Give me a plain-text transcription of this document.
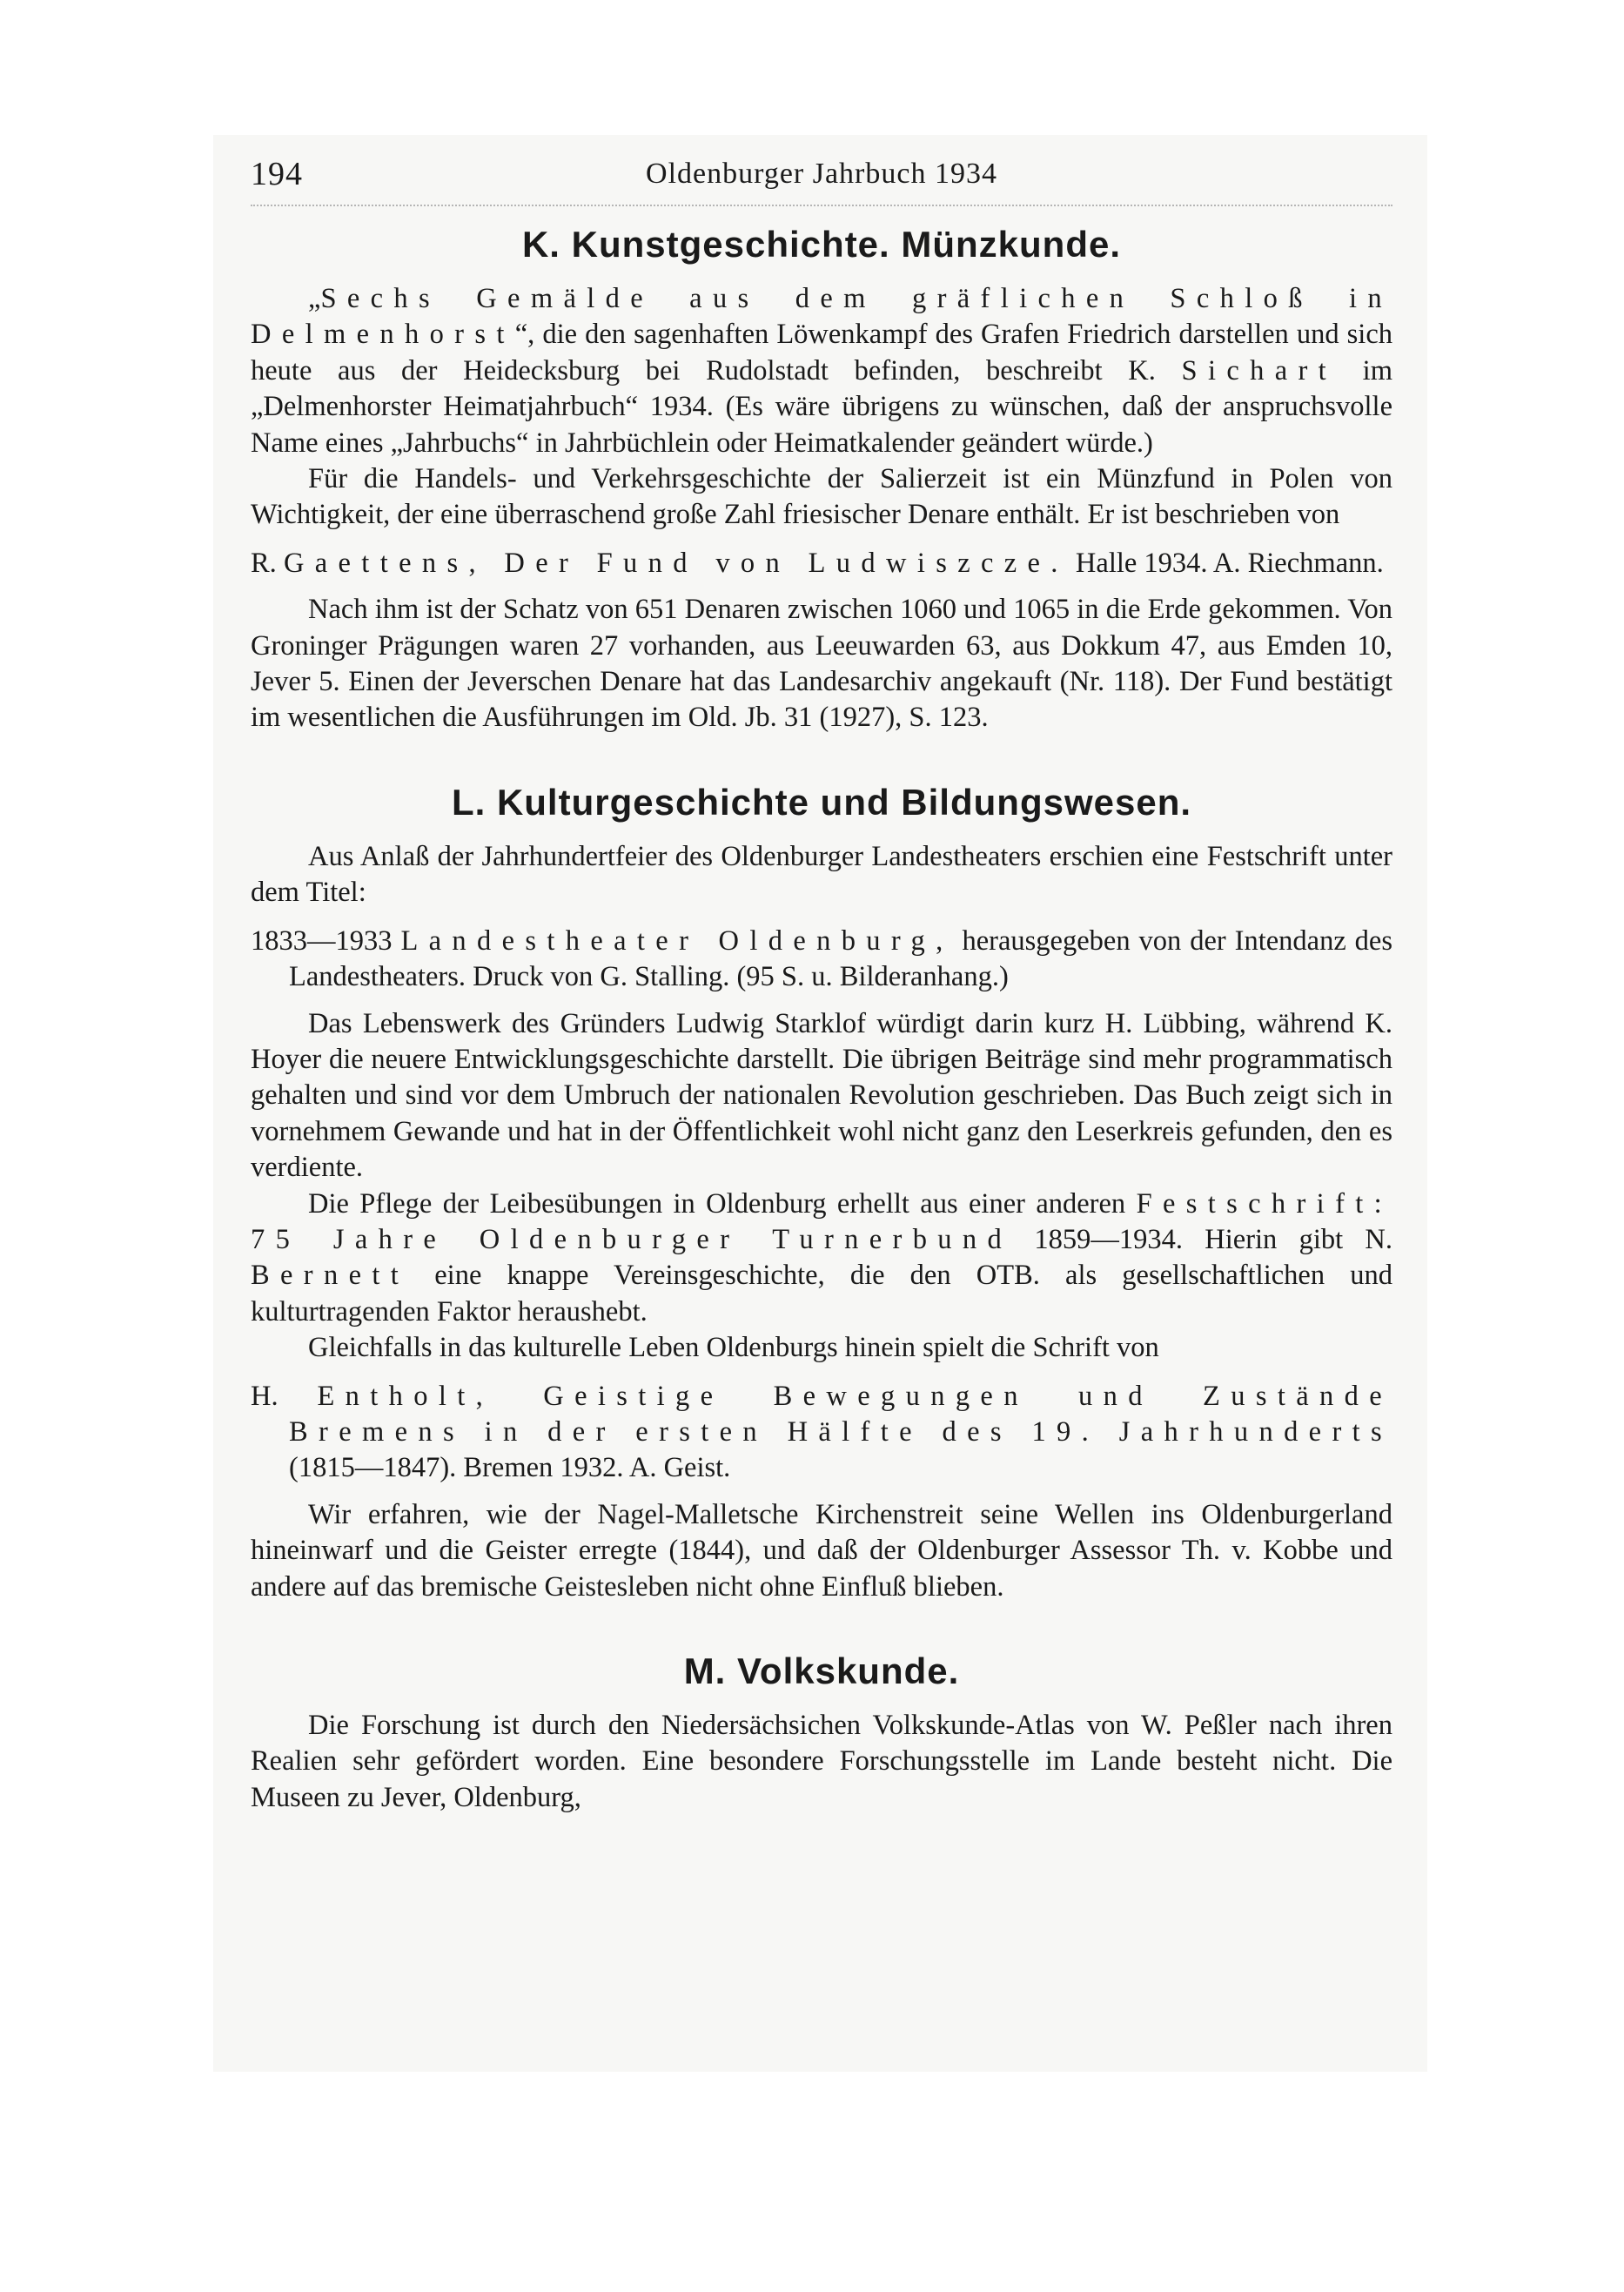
194	Oldenburger Jahrbuch 1934
K. Kunstgeschichte. Münzkunde.

„Sechs Gemälde aus dem gräflichen Schloß in Delmenhorst“, die den sagenhaften Löwenkampf des Grafen Friedrich darstellen und sich heute aus der Heidecksburg bei Rudolstadt befinden, beschreibt K. Sichart im „Delmenhorster Heimatjahrbuch“ 1934. (Es wäre übrigens zu wünschen, daß der anspruchsvolle Name eines „Jahrbuchs“ in Jahrbüchlein oder Heimatkalender geändert würde.)

Für die Handels- und Verkehrsgeschichte der Salierzeit ist ein Münzfund in Polen von Wichtigkeit, der eine überraschend große Zahl friesischer Denare enthält. Er ist beschrieben von

R. Gaettens, Der Fund von Ludwiszcze. Halle 1934. A. Riechmann.

Nach ihm ist der Schatz von 651 Denaren zwischen 1060 und 1065 in die Erde gekommen. Von Groninger Prägungen waren 27 vorhanden, aus Leeuwarden 63, aus Dokkum 47, aus Emden 10, Jever 5. Einen der Jeverschen Denare hat das Landesarchiv angekauft (Nr. 118). Der Fund bestätigt im wesentlichen die Ausführungen im Old. Jb. 31 (1927), S. 123.

L. Kulturgeschichte und Bildungswesen.

Aus Anlaß der Jahrhundertfeier des Oldenburger Landestheaters erschien eine Festschrift unter dem Titel:

1833—1933 Landestheater Oldenburg, herausgegeben von der Intendanz des Landestheaters. Druck von G. Stalling. (95 S. u. Bilderanhang.)

Das Lebenswerk des Gründers Ludwig Starklof würdigt darin kurz H. Lübbing, während K. Hoyer die neuere Entwicklungsgeschichte darstellt. Die übrigen Beiträge sind mehr programmatisch gehalten und sind vor dem Umbruch der nationalen Revolution geschrieben. Das Buch zeigt sich in vornehmem Gewande und hat in der Öffentlichkeit wohl nicht ganz den Leserkreis gefunden, den es verdiente.

Die Pflege der Leibesübungen in Oldenburg erhellt aus einer anderen Festschrift: 75 Jahre Oldenburger Turnerbund 1859—1934. Hierin gibt N. Bernett eine knappe Vereinsgeschichte, die den OTB. als gesellschaftlichen und kulturtragenden Faktor heraushebt.

Gleichfalls in das kulturelle Leben Oldenburgs hinein spielt die Schrift von

H. Entholt, Geistige Bewegungen und Zustände Bremens in der ersten Hälfte des 19. Jahrhunderts (1815—1847). Bremen 1932. A. Geist.

Wir erfahren, wie der Nagel-Malletsche Kirchenstreit seine Wellen ins Oldenburgerland hineinwarf und die Geister erregte (1844), und daß der Oldenburger Assessor Th. v. Kobbe und andere auf das bremische Geistesleben nicht ohne Einfluß blieben.

M. Volkskunde.

Die Forschung ist durch den Niedersächsichen Volkskunde-Atlas von W. Peßler nach ihren Realien sehr gefördert worden. Eine besondere Forschungsstelle im Lande besteht nicht. Die Museen zu Jever, Oldenburg,
